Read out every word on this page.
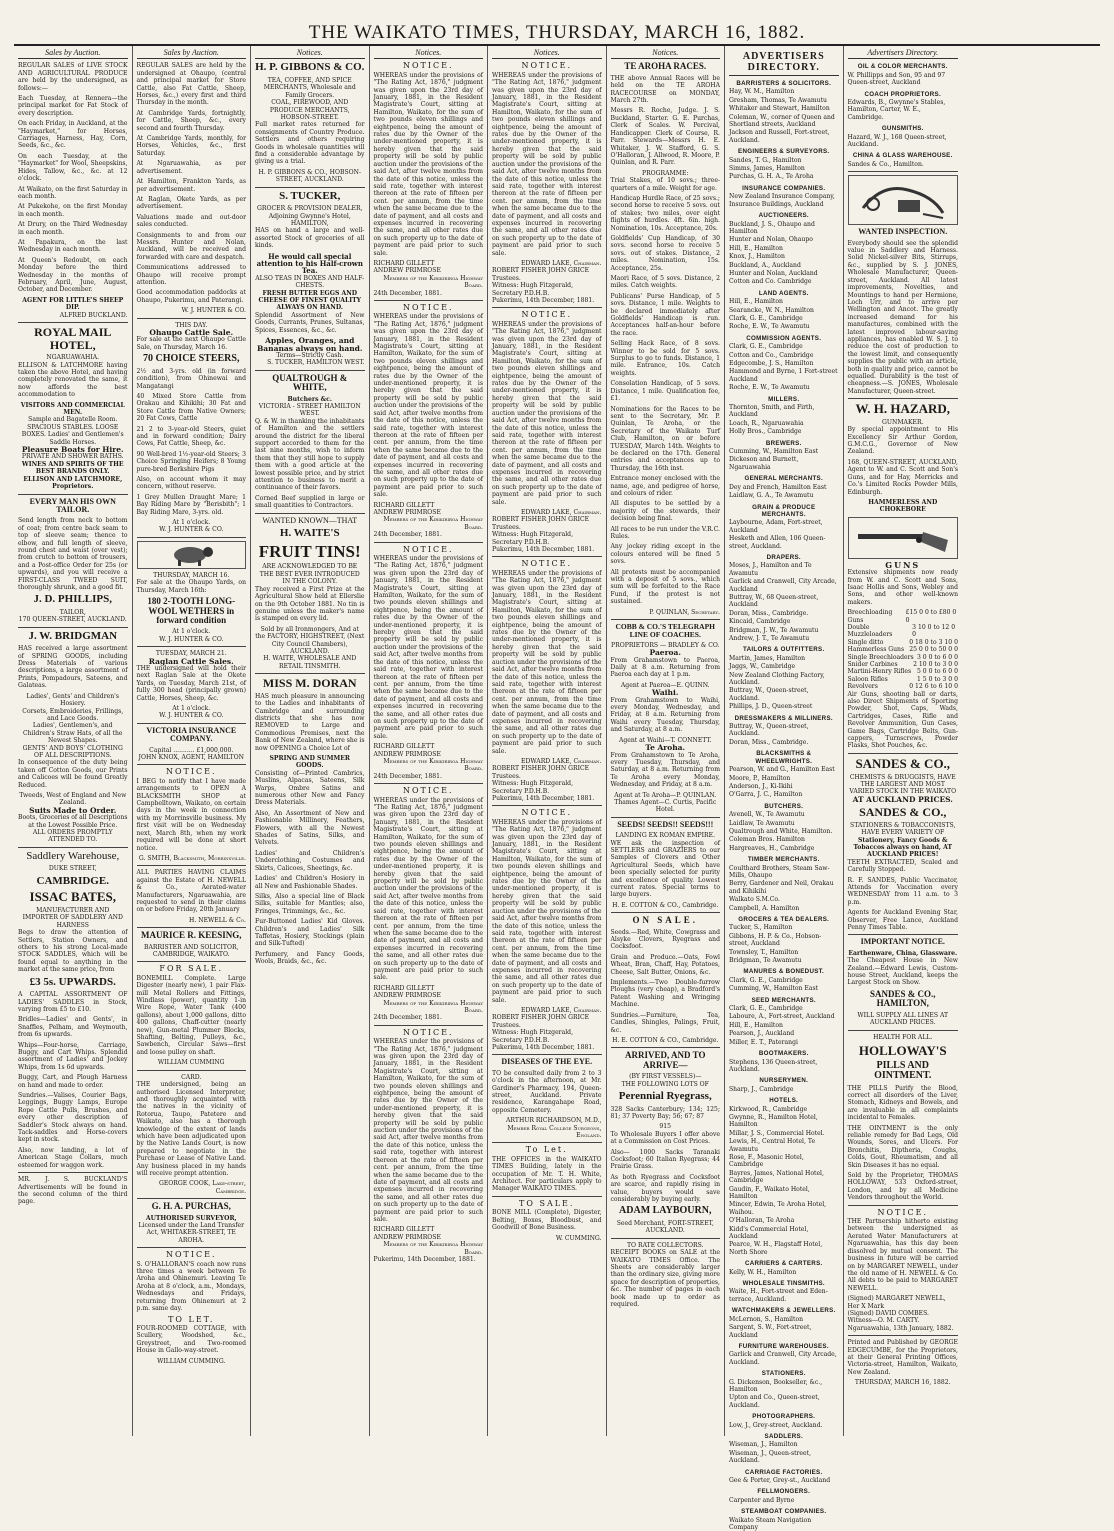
THE WAIKATO TIMES, THURSDAY, MARCH 16, 1882.
Sales by Auction.

REGULAR SALES of LIVE STOCK AND AGRICULTURAL PRODUCE are held by the undersigned, as follows:—

Each Tuesday, at Rennera—the principal market for Fat Stock of every description.

On each Friday, in Auckland, at the "Haymarket," for Horses, Carriages, Harness, Hay, Corn, Seeds, &c., &c.

On each Tuesday, at the "Haymarket" for Wool, Sheepskins, Hides, Tallow, &c., &c. at 12 o'clock.

At Waikato, on the first Saturday in each month.

At Pukekohe, on the first Monday in each month.

At Drury, on the Third Wednesday in each month.

At Papakura, on the last Wednesday in each month.

At Queen's Redoubt, on each Monday before the third Wednesday in the months of February, April, June, August, October, and December.

AGENT FOR LITTLE'S SHEEP DIP.
ALFRED BUCKLAND.
ROYAL MAIL HOTEL,
NGARUAWAHIA.

ELLISON & LATCHMORE having taken the above Hotel, and having completely renovated the same, it now affords the best accommodation to

VISITORS AND COMMERCIAL MEN.
Sample and Bagatelle Room.
SPACIOUS STABLES. LOOSE BOXES. Ladies' and Gentlemen's Saddle Horses.
Pleasure Boats for Hire.
PRIVATE AND SHOWER BATHS.
WINES AND SPIRITS OF THE BEST BRANDS ONLY.
ELLISON AND LATCHMORE, Proprietors.
EVERY MAN HIS OWN TAILOR.

Send length from neck to bottom of coat; from centre back seam to top of sleeve seam; thence to elbow, and full length of sleeve, round chest and waist (over vest); from crutch to bottom of trousers, and a Post-office Order for 25s (or upwards), and you will receive a FIRST-CLASS TWEED SUIT, thoroughly shrunk, and a good fit.

J. D. PHILLIPS,
TAILOR,
170 QUEEN-STREET, AUCKLAND.
J. W. BRIDGMAN

HAS received a large assortment of SPRING GOODS, including Dress Materials of various descriptions, a large assortment of Prints, Pompadours, Sateens, and Galateas.

Ladies', Gents' and Children's Hosiery.
Corsets, Embroideries, Frillings, and Lace Goods.
Ladies', Gentlemen's, and Children's Straw Hats, of all the Newest Shapes.
GENTS' AND BOYS' CLOTHING OF ALL DESCRIPTIONS.

In consequence of the duty being taken off Cotton Goods, our Prints and Calicoes will be found Greatly Reduced.

Tweeds, West of England and New Zealand.
Suits Made to Order.
Boots, Groceries of all Descriptions at the Lowest Possible Price.
ALL ORDERS PROMPTLY ATTENDED TO.
Saddlery Warehouse,
DUKE STREET,
CAMBRIDGE.
ISSAC BATES,
MANUFACTURER AND IMPORTER OF SADDLERY AND HARNESS

Begs to draw the attention of Settlers, Station Owners, and others to his strong Local-made STOCK SADDLES, which will be found equal to anything in the market at the same price, from

£3 5s. UPWARDS.

A CAPITAL ASSORTMENT OF LADIES' SADDLES in Stock, varying from £5 to £10.

Bridles—Ladies' and Gents', in Snaffles, Pelham, and Weymouth, from 6s upwards.

Whips—Four-horse, Carriage, Buggy, and Cart Whips. Splendid assortment of Ladies' and Jockey Whips, from 1s 6d upwards.

Buggy, Cart, and Plough Harness on hand and made to order.

Sundries.—Valises, Courier Bags, Leggings, Buggy Lamps, Europe Rope Cattle Pulls, Brushes, and every other description of Saddler's Stock always on hand. Tack-saddles and Horse-covers kept in stock.

Also, now landing, a lot of American Stage Collars, much esteemed for waggon work.

MR. J. S. BUCKLAND'S Advertisements will be found in the second column of the third page.

Sales by Auction.

REGULAR SALES are held by the undersigned at Ohaupo, (central and principal market for Store Cattle, also Fat Cattle, Sheep, Horses, &c.,) every first and third Thursday in the month.

At Cambridge Yards, fortnightly, for Cattle, Sheep, &c., every second and fourth Thursday.

At Cambridge Yards, monthly, for Horses, Vehicles, &c., first Saturday.

At Ngaruawahia, as per advertisement.

At Hamilton, Frankton Yards, as per advertisement.

At Raglan, Okete Yards, as per advertisement.

Valuations made and out-door sales conducted.

Consignments to and from our Messrs. Hunter and Nolan, Auckland, will be received and forwarded with care and despatch.

Communications addressed to Ohaupo will receive prompt attention.

Good accommodation paddocks at Ohaupo, Pukerimu, and Paterangi.

W. J. HUNTER & CO.
THIS DAY.
Ohaupo Cattle Sale.

For sale at the next Ohaupo Cattle Sale, on Thursday, March 16.

70 CHOICE STEERS,

2½ and 3-yrs. old (in forward condition), from Ohinewai and Mangatangi

40 Mixed Store Cattle from Orakau and Kihikihi; 30 Fat and Store Cattle from Native Owners; 20 Fat Cows, Cattle

21 2 to 3-year-old Steers, quiet and in forward condition; Dairy Cows, Fat Cattle, Sheep, &c.

90 Well-bred 1½-year-old Steers; 3 Choice Springing Heifers; 8 Young pure-bred Berkshire Pigs

Also, on account whom it may concern, without reserve.

1 Grey Mullen Draught Mare; 1 Bay Riding Mare by "Berisbith"; 1 Bay Riding Mare, 3-yrs. old.

At 1 o'clock.
W. J. HUNTER & CO.
THURSDAY, MARCH 16.

For sale at the Ohaupo Yards, on Thursday, March 16th:

180 2-TOOTH LONG-WOOL WETHERS in forward condition
At 1 o'clock.
W. J. HUNTER & CO.
TUESDAY, MARCH 21.
Raglan Cattle Sales.

THE undersigned will hold their next Raglan Sale at the Okete Yards, on Tuesday, March 21st, of fully 300 head (principally grown) Cattle, Horses, Sheep, &c.

At 1 o'clock.
W. J. HUNTER & CO.
VICTORIA INSURANCE COMPANY.
Capital ........... £1,000,000.
JOHN KNOX, AGENT, HAMILTON
NOTICE.

I BEG to notify that I have made arrangements to OPEN A BLACKSMITH SHOP at Campbelltown, Waikato, on certain days in the week in connection with my Morrinsville business. My first visit will be on Wednesday next, March 8th, when my work required will be done at short notice.

G. SMITH, Blacksmith, Morrinsville.

ALL PARTIES HAVING CLAIMS against the Estate of H. NEWELL & Co., Aerated-water Manufacturers, Ngaruawahia, are requested to send in their claims on or before Friday, 20th January

H. NEWELL & Co.
MAURICE R. KEESING,
BARRISTER AND SOLICITOR, CAMBRIDGE, WAIKATO.
FOR SALE.

BONEMILL Complete. Large Digester (nearly new), 1 pair Flax-mill Metal Rollers and Fittings, Windlass (power), quantity 1-in Wire Rope, Water Tank (400 gallons), about 1,000 gallons, ditto 400 gallons, Chaff-cutter (nearly new), Gun-metal Plummer Blocks, Shafting, Belting, Pulleys, &c., Sawbench, Circular Saws—first and loose pulley on shaft.

WILLIAM CUMMING
CARD.

THE undersigned, being an authorised Licensed Interpreter, and thoroughly acquainted with the natives in the vicinity of Rotorua, Taupo, Patetere and Waikato, also has a thorough knowledge of the extent of lands which have been adjudicated upon by the Native Lands Court, is now prepared to negotiate in the Purchase or Lease of Native Land. Any business placed in my hands will receive prompt attention.

GEORGE COOK, Lake-street, Cambridge.
G. H. A. PURCHAS,
AUTHORISED SURVEYOR,
Licensed under the Land Transfer Act, WHITAKER-STREET, TE AROHA.
NOTICE.

S. O'HALLORAN'S coach now runs three times a week between Te Aroha and Ohinemuri. Leaving Te Aroha at 8 o'clock, a.m., Mondays, Wednesdays and Fridays, returning from Ohinemuri at 2 p.m. same day.

TO LET.

FOUR-ROOMED COTTAGE, with Scullery, Woodshed, &c., Greystreet, and Two-roomed House in Gallo-way-street.

WILLIAM CUMMING.
Notices.
H. P. GIBBONS & CO.
TEA, COFFEE, AND SPICE MERCHANTS, Wholesale and Family Grocers.
COAL, FIREWOOD, AND PRODUCE MERCHANTS, HOBSON-STREET.

Full market rates returned for consignments of Country Produce. Settlers and others requiring Goods in wholesale quantities will find a considerable advantage by giving us a trial.

H. P. GIBBONS & CO., HOBSON-STREET, AUCKLAND.
S. TUCKER,
GROCER & PROVISION DEALER, Adjoining Gwynne's Hotel, HAMILTON,

HAS on hand a large and well-assorted Stock of groceries of all kinds.

He would call special attention to his Half-crown Tea.
ALSO TEAS IN BOXES AND HALF-CHESTS.
FRESH BUTTER EGGS AND CHEESE OF FINEST QUALITY ALWAYS ON HAND.

Splendid Assortment of New Goods, Currants, Prunes, Sultanas, Spices, Essences, &c., &c.

Apples, Oranges, and Bananas always on hand.
Terms—Strictly Cash.
S. TUCKER, HAMILTON WEST.
QUALTROUGH & WHITE,
Butchers &c.
VICTORIA - STREET HAMILTON WEST.

Q. & W. in thanking the inhabitants of Hamilton and the settlers around the district for the liberal support accorded to them for the last nine months, wish to inform them that they still hope to supply them with a good article at the lowest possible price, and by strict attention to business to merit a continuance of their favors.

Corned Beef supplied in large or small quantities to Contractors.

WANTED KNOWN—THAT
H. WAITE'S
FRUIT TINS!
ARE ACKNOWLEDGED TO BE THE BEST EVER INTRODUCED IN THE COLONY.

They received a First Prize at the Agricultural Show held at Ellerslie on the 9th October 1881. No tin is genuine unless the maker's name is stamped on every lid.

Sold by all Ironmongers, And at the FACTORY, HIGHSTREET, (Next City Council Chambers), AUCKLAND.
H. WAITE, WHOLESALE AND RETAIL TINSMITH.
MISS M. DORAN

HAS much pleasure in announcing to the Ladies and inhabitants of Cambridge and surrounding districts that she has now REMOVED to Large and Commodious Premises, next the Bank of New Zealand, where she is now OPENING a Choice Lot of

SPRING AND SUMMER GOODS.

Consisting of—Printed Cambrics, Muslins, Alpacas, Sateens, Silk Warps, Ombre Satins and numerous other New and Fancy Dress Materials.

Also, An Assortment of New and Fashionable Millinery, Feathers, Flowers, with all the Newest Shades of Satins, Silks, and Velvets.

Ladies' and Children's Underclothing, Costumes and Skirts, Calicoes, Sheetings, &c.

Ladies' and Children's Hosiery in all New and Fashionable Shades.

Silks, Also a special line of Black Silks, suitable for Mantles; also, Fringes, Trimmings, &c., &c.

Fur-Buttoned Ladies' Kid Gloves. Children's and Ladies' Silk Taffetas, Hosiery, Stockings (plain and Silk-Tufted)

Perfumery, and Fancy Goods, Wools, Braids, &c., &c.

Notices.
NOTICE.

WHEREAS under the provisions of "The Rating Act, 1876," judgment was given upon the 23rd day of January, 1881, in the Resident Magistrate's Court, sitting at Hamilton, Waikato, for the sum of two pounds eleven shillings and eightpence, being the amount of rates due by the Owner of the under-mentioned property, it is hereby given that the said property will be sold by public auction under the provisions of the said Act, after twelve months from the date of this notice, unless the said rate, together with interest thereon at the rate of fifteen per cent. per annum, from the time when the same became due to the date of payment, and all costs and expenses incurred in recovering the same, and all other rates due on such property up to the date of payment are paid prior to such sale.

RICHARD GILLETT
ANDREW PRIMROSE
Members of the Kirikiriroa Highway Board.
24th December, 1881.
NOTICE.

WHEREAS under the provisions of "The Rating Act, 1876," judgment was given upon the 23rd day of January, 1881, in the Resident Magistrate's Court, sitting at Hamilton, Waikato, for the sum of two pounds eleven shillings and eightpence, being the amount of rates due by the Owner of the under-mentioned property, it is hereby given that the said property will be sold by public auction under the provisions of the said Act, after twelve months from the date of this notice, unless the said rate, together with interest thereon at the rate of fifteen per cent. per annum, from the time when the same became due to the date of payment, and all costs and expenses incurred in recovering the same, and all other rates due on such property up to the date of payment are paid prior to such sale.

RICHARD GILLETT
ANDREW PRIMROSE
Members of the Kirikiriroa Highway Board.
24th December, 1881.
NOTICE.

WHEREAS under the provisions of "The Rating Act, 1876," judgment was given upon the 23rd day of January, 1881, in the Resident Magistrate's Court, sitting at Hamilton, Waikato, for the sum of two pounds eleven shillings and eightpence, being the amount of rates due by the Owner of the under-mentioned property, it is hereby given that the said property will be sold by public auction under the provisions of the said Act, after twelve months from the date of this notice, unless the said rate, together with interest thereon at the rate of fifteen per cent. per annum, from the time when the same became due to the date of payment, and all costs and expenses incurred in recovering the same, and all other rates due on such property up to the date of payment are paid prior to such sale.

RICHARD GILLETT
ANDREW PRIMROSE
Members of the Kirikiriroa Highway Board.
24th December, 1881.
NOTICE.

WHEREAS under the provisions of "The Rating Act, 1876," judgment was given upon the 23rd day of January, 1881, in the Resident Magistrate's Court, sitting at Hamilton, Waikato, for the sum of two pounds eleven shillings and eightpence, being the amount of rates due by the Owner of the under-mentioned property, it is hereby given that the said property will be sold by public auction under the provisions of the said Act, after twelve months from the date of this notice, unless the said rate, together with interest thereon at the rate of fifteen per cent. per annum, from the time when the same became due to the date of payment, and all costs and expenses incurred in recovering the same, and all other rates due on such property up to the date of payment are paid prior to such sale.

RICHARD GILLETT
ANDREW PRIMROSE
Members of the Kirikiriroa Highway Board.
24th December, 1881.
NOTICE.

WHEREAS under the provisions of "The Rating Act, 1876," judgment was given upon the 23rd day of January, 1881, in the Resident Magistrate's Court, sitting at Hamilton, Waikato, for the sum of two pounds eleven shillings and eightpence, being the amount of rates due by the Owner of the under-mentioned property, it is hereby given that the said property will be sold by public auction under the provisions of the said Act, after twelve months from the date of this notice, unless the said rate, together with interest thereon at the rate of fifteen per cent. per annum, from the time when the same became due to the date of payment, and all costs and expenses incurred in recovering the same, and all other rates due on such property up to the date of payment are paid prior to such sale.

RICHARD GILLETT
ANDREW PRIMROSE
Members of the Kirikiriroa Highway Board.
Pukerimu, 14th December, 1881.
Notices.
NOTICE.

WHEREAS under the provisions of "The Rating Act, 1876," judgment was given upon the 23rd day of January, 1881, in the Resident Magistrate's Court, sitting at Hamilton, Waikato, for the sum of two pounds eleven shillings and eightpence, being the amount of rates due by the Owner of the under-mentioned property, it is hereby given that the said property will be sold by public auction under the provisions of the said Act, after twelve months from the date of this notice, unless the said rate, together with interest thereon at the rate of fifteen per cent. per annum, from the time when the same became due to the date of payment, and all costs and expenses incurred in recovering the same, and all other rates due on such property up to the date of payment are paid prior to such sale.

EDWARD LAKE, Chairman.
ROBERT FISHER JOHN GRICE Trustees.
Witness: Hugh Fitzgerald, Secretary P.D.H.B.
Pukerimu, 14th December, 1881.
NOTICE.

WHEREAS under the provisions of "The Rating Act, 1876," judgment was given upon the 23rd day of January, 1881, in the Resident Magistrate's Court, sitting at Hamilton, Waikato, for the sum of two pounds eleven shillings and eightpence, being the amount of rates due by the Owner of the under-mentioned property, it is hereby given that the said property will be sold by public auction under the provisions of the said Act, after twelve months from the date of this notice, unless the said rate, together with interest thereon at the rate of fifteen per cent. per annum, from the time when the same became due to the date of payment, and all costs and expenses incurred in recovering the same, and all other rates due on such property up to the date of payment are paid prior to such sale.

EDWARD LAKE, Chairman.
ROBERT FISHER JOHN GRICE Trustees.
Witness: Hugh Fitzgerald, Secretary P.D.H.B.
Pukerimu, 14th December, 1881.
NOTICE.

WHEREAS under the provisions of "The Rating Act, 1876," judgment was given upon the 23rd day of January, 1881, in the Resident Magistrate's Court, sitting at Hamilton, Waikato, for the sum of two pounds eleven shillings and eightpence, being the amount of rates due by the Owner of the under-mentioned property, it is hereby given that the said property will be sold by public auction under the provisions of the said Act, after twelve months from the date of this notice, unless the said rate, together with interest thereon at the rate of fifteen per cent. per annum, from the time when the same became due to the date of payment, and all costs and expenses incurred in recovering the same, and all other rates due on such property up to the date of payment are paid prior to such sale.

EDWARD LAKE, Chairman.
ROBERT FISHER JOHN GRICE Trustees.
Witness: Hugh Fitzgerald, Secretary P.D.H.B.
Pukerimu, 14th December, 1881.
NOTICE.

WHEREAS under the provisions of "The Rating Act, 1876," judgment was given upon the 23rd day of January, 1881, in the Resident Magistrate's Court, sitting at Hamilton, Waikato, for the sum of two pounds eleven shillings and eightpence, being the amount of rates due by the Owner of the under-mentioned property, it is hereby given that the said property will be sold by public auction under the provisions of the said Act, after twelve months from the date of this notice, unless the said rate, together with interest thereon at the rate of fifteen per cent. per annum, from the time when the same became due to the date of payment, and all costs and expenses incurred in recovering the same, and all other rates due on such property up to the date of payment are paid prior to such sale.

EDWARD LAKE, Chairman.
ROBERT FISHER JOHN GRICE Trustees.
Witness: Hugh Fitzgerald, Secretary P.D.H.B.
Pukerimu, 14th December, 1881.
DISEASES OF THE EYE.

TO be consulted daily from 2 to 3 o'clock in the afternoon, at Mr. Gardiner's Pharmacy, 194, Queen-street, Auckland. Private residence, Karangahape Road, opposite Cemetery.

ARTHUR RICHARDSON, M.D., Member Royal College Surgeons, England.
To Let.

THE OFFICES in the WAIKATO TIMES Building, lately in the occupation of Mr. T. H. White, Architect. For particulars apply to Manager WAIKATO TIMES.

TO SALE.

BONE MILL (Complete), Digester, Belting, Boxes, Bloodbust, and Goodwill of Bone Business.

W. CUMMING.
Notices.
TE AROHA RACES.

THE above Annual Races will be held on the TE AROHA RACECOURSE on MONDAY, March 27th.

Messrs R. Roche, Judge. J. S. Buckland, Starter. G. E. Purchas, Clerk of Scales. W. Percival, Handicapper. Clerk of Course, R. Parr. Stewards—Messrs H. E. Whitaker, J. W. Stafford, G. S. O'Halloran, J. Allwood, R. Moore, P. Quinlan, and R. Parr.

PROGRAMME:

Trial Stakes, of 10 sovs.; three-quarters of a mile. Weight for age.

Handicap Hurdle Race, of 25 sovs.; second horse to receive 5 sovs. out of stakes; two miles, over eight flights of hurdles. 4ft. 6in. high. Nomination, 10s. Acceptance, 20s.

Goldfields' Cup Handicap, of 30 sovs. second horse to receive 5 sovs. out of stakes. Distance, 2 miles. Nomination, 15s. Acceptance, 25s.

Maori Race, of 5 sovs. Distance, 2 miles. Catch weights.

Publicans' Purse Handicap, of 5 sovs. Distance, 1 mile. Weights to be declared immediately after Goldfields' Handicap is run. Acceptances half-an-hour before the race.

Selling Hack Race, of 8 sovs. Winner to be sold for 5 sovs. Surplus to go to funds. Distance, 1 mile. Entrance, 10s. Catch weights.

Consolation Handicap, of 5 sovs. Distance, 1 mile. Qualification fee, £1.

Nominations for the Races to be sent to the Secretary, Mr. P. Quinlan, Te Aroha, or the Secretary of the Waikato Turf Club, Hamilton, on or before TUESDAY, March 14th. Weights to be declared on the 17th. General entries and acceptances up to Thursday, the 16th inst.

Entrance money enclosed with the name, age, and pedigree of horse, and colours of rider.

All disputes to be settled by a majority of the stewards, their decision being final.

All races to be run under the V.R.C. Rules.

Any jockey riding except in the colours entered will be fined 5 sovs.

All protests must be accompanied with a deposit of 5 sovs., which sum will be forfeited to the Race Fund, if the protest is not sustained.

P. QUINLAN, Secretary.
COBB & CO.'S TELEGRAPH LINE OF COACHES.
PROPRIETORS — BRADLEY & CO.
Paeroa.

From Grahamstown to Paeroa, Daily at 8 a.m. Returning from Paeroa each day at 1 p.m.

Agent at Paeroa—E. QUINN.
Waihi.

From Grahamstown to Waihi, every Monday, Wednesday, and Friday, at 8 a.m. Returning from Waihi every Tuesday, Thursday, and Saturday, at 8 a.m.

Agent at Waihi—T. CONNETT.
Te Aroha.

From Grahamstown to Te Aroha, every Tuesday, Thursday, and Saturday, at 8 a.m. Returning from Te Aroha every Monday, Wednesday, and Friday, at 8 a.m.

Agent at Te Aroha—P. QUINLAN.
Thames Agent—C. Curtis, Pacific Hotel.
SEEDS! SEEDS!! SEEDS!!!
LANDING EX ROMAN EMPIRE.

WE ask the inspection of SETTLERS and GRAZIERS to our Samples of Clovers and Other Agricultural Seeds, which have been specially selected for purity and excellence of quality. Lowest current rates. Special terms to large buyers.

H. E. COTTON & CO., Cambridge.
ON SALE.

Seeds.—Red, White, Cowgrass and Alsyke Clovers, Ryegrass and Cocksfoot.

Grain and Produce.—Oats, Fowl Wheat, Bran, Chaff, Hay, Potatoes, Cheese, Salt Butter, Onions, &c.

Implements.—Two Double-furrow Ploughs (very cheap), a Bradford's Patent Washing and Wringing Machine.

Sundries.—Furniture, Tea, Candles, Shingles, Palings, Fruit, &c.

H. E. COTTON & CO., Cambridge.
ARRIVED, AND TO ARRIVE—
(BY FIRST VESSELS)—
THE FOLLOWING LOTS OF
Perennial Ryegrass,

328 Sacks Canterbury; 134; 125; 81; 37 Poverty Bay; 56; 67; 87

915

To Wholesale Buyers I offer above at a Commission on Cost Prices.

Also— 1000 Sacks Taranaki Cocksfoot; 60 Italian Ryegrass; 44 Prairie Grass.

As both Ryegrass and Cocksfoot are scarce, and rapidly rising in value, buyers would save considerably by buying early.

ADAM LAYBOURN,
Seed Merchant, FORT-STREET, AUCKLAND.
TO RATE COLLECTORS.

RECEIPT BOOKS on SALE at the WAIKATO TIMES Office. The Sheets are considerably larger than the ordinary size, giving more space for description of properties, &c. The number of pages in each book made up to order as required.

ADVERTISERS DIRECTORY.
BARRISTERS & SOLICITORS.
Hay, W. M., Hamilton
Gresham, Thomas, Te Awamutu
Whitaker and Stewart, Hamilton
Coleman, W., corner of Queen and Shortland streets, Auckland
Jackson and Russell, Fort-street, Auckland.
ENGINEERS & SURVEYORS.
Sandes, T. G., Hamilton
Simms, James, Hamilton
Purchas, G. H. A., Te Aroha
INSURANCE COMPANIES.
New Zealand Insurance Company, Insurance Buildings, Auckland
AUCTIONEERS.
Buckland, J. S., Ohaupo and Hamilton
Hunter and Nolan, Ohaupo
Hill, E., Hamilton
Knox, J., Hamilton
Buckland, A., Auckland
Hunter and Nolan, Auckland
Cotton and Co. Cambridge
LAND AGENTS.
Hill, E., Hamilton
Searancke, W. N., Hamilton
Clark, G. E., Cambridge
Roche, E. W., Te Awamutu
COMMISSION AGENTS.
Clark, G. E., Cambridge
Cotton and Co., Cambridge
Edgecombe, J. S., Hamilton
Hammond and Byrne, 1 Fort-street Auckland
Roche, E. W., Te Awamutu
MILLERS.
Thornton, Smith, and Firth, Auckland
Loach, R., Ngaruawahia
Holly Bros., Cambridge
BREWERS.
Cumming, W., Hamilton East
Dickeson and Burnett, Ngaruawahia
GENERAL MERCHANTS.
Dey and French, Hamilton East
Laidlaw, G. A., Te Awamutu
GRAIN & PRODUCE MERCHANTS.
Laybourne, Adam, Fort-street, Auckland
Hesketh and Allen, 106 Queen-street, Auckland.
DRAPERS.
Moses, J., Hamilton and Te Awamutu
Garlick and Cranwell, City Arcade, Auckland
Buttray, W., 68 Queen-street, Auckland
Doran, Miss., Cambridge.
Kincaid, Cambridge
Bridgman, J. W., Te Awamutu
Andrew, J. T., Te Awamutu
TAILORS & OUTFITTERS.
Martin, James, Hamilton
Jaggs, W., Cambridge
New Zealand Clothing Factory, Auckland.
Buttray, W., Queen-street, Auckland.
Phillips, J. D., Queen-street
DRESSMAKERS & MILLINERS.
Buttray, W., Queen-street, Auckland.
Doran, Miss., Cambridge.
BLACKSMITHS & WHEELWRIGHTS.
Pearson, W. and G., Hamilton East
Moore, P., Hamilton
Anderson, J., Ki-Ikihi
O'Garra, J. C., Hamilton
BUTCHERS.
Avenell, W., Te Awamutu
Laidlaw, Te Awamutu
Qualtrough and White, Hamilton.
Coleman Bros. Hamilton
Hargreaves, H., Cambridge
TIMBER MERCHANTS.
Coulthard Brothers, Steam Saw-Mills, Ohaupo
Berry, Gardener and Neil, Orakau and Kihikihi
Walkato S.M.Co.
Campbell, A. Hamilton
GROCERS & TEA DEALERS.
Tucker, S., Hamilton
Gibbons, H. P. & Co., Hobson-street, Auckland
Townsley, T., Hamilton
Bridgman, Te Awamutu
MANURES & BONEDUST.
Clark, G. E., Cambridge
Cumming, W., Hamilton East
SEED MERCHANTS.
Clark, G. E., Cambridge
Laboure, A., Fort-street, Auckland
Hill, E., Hamilton
Pearson, J., Auckland
Miller, E. T., Paterangi
BOOTMAKERS.
Stephens, 136 Queen-street, Auckland.
NURSERYMEN.
Sharp, J., Cambridge
HOTELS.
Kirkwood, R., Cambridge
Gwynne, R., Hamilton Hotel, Hamilton
Millar, J. S., Commercial Hotel.
Lewis, H., Central Hotel, Te Awamutu
Rose, F., Masonic Hotel, Cambridge
Bayres, James, National Hotel, Cambridge
Gaudin, F., Waikato Hotel, Hamilton
Mincer, Edwin, Te Aroha Hotel, Waihou.
O'Halloran, Te Aroha
Kidd's Commercial Hotel, Auckland
Pearce, W. H., Flagstaff Hotel, North Shore
CARRIERS & CARTERS.
Kelly, W. H., Hamilton
WHOLESALE TINSMITHS.
Waite, H., Fort-street and Eden-terrace, Auckland.
WATCHMAKERS & JEWELLERS.
McLernon, S., Hamilton
Sargent, S. W., Fort-street, Auckland
FURNITURE WAREHOUSES.
Garlick and Cranwell, City Arcade, Auckland.
STATIONERS.
G. Dickenson, Bookseller, &c., Hamilton
Upton and Co., Queen-street, Auckland.
PHOTOGRAPHERS.
Low, J., Grey-street, Auckland.
SADDLERS.
Wiseman, J., Hamilton
Wiseman, J., Queen-street, Auckland.
CARRIAGE FACTORIES.
Gee & Porter, Grey-st., Auckland
FELLMONGERS.
Carpenter and Byrne
STEAMBOAT COMPANIES.
Waikato Steam Navigation Company
Advertisers Directory.
OIL & COLOR MERCHANTS.
W. Phillipps and Son, 95 and 97 Queen-street, Auckland
COACH PROPRIETORS.
Edwards, B., Gwynne's Stables, Hamilton, Carter, W. E., Cambridge.
GUNSMITHS.
Hazard, W. J., 168 Queen-street, Auckland.
CHINA & GLASS WAREHOUSE.
Sandes & Co., Hamilton.
WANTED INSPECTION.

Everybody should see the splendid value in Saddlery and Harness. Solid Nickel-silver Bits, Stirrups, &c., supplied by S. J. JONES, Wholesale Manufacturer, Queen-street, Auckland. All latest improvements, Novelties, and Mountings to hand per Hermione, Loch Urr, and to arrive per Wellington and Ancot. The greatly increased demand for his manufactures, combined with the latest improved labour-saving appliances, has enabled W. S. J. to reduce the cost of production to the lowest limit, and consequently supplies the public with an article, both in quality and price, cannot be equalled. Durability is the test of cheapness.—S. JONES, Wholesale Manufacturer, Queen-street.

W. H. HAZARD,
GUNMAKER.

By special appointment to His Excellency Sir Arthur Gordon, G.M.C.G., Governor of New Zealand.

168, QUEEN-STREET, AUCKLAND, Agent to W. and C. Scott and Son's Guns, and for Hay, Merricks and Co.'s Limited Rocks Powder Mills, Edinburgh.

HAMMERLESS AND CHOKEBORE
GUNS

Extensive shipments now ready from W. and C. Scott and Sons, Isaac Hollis and Sons, Webley and Sons, and other well-known makers.

Breechloading Guns
£15 0 0 to £80 0 0
Double Muzzleloaders
3 10 0 to 12 0 0
Single ditto	0 18 0 to 3 10 0
Hammerless Guns 25 0 0 to 50 0 0
Single Breechloaders 3 0 0 to 6 0 0
Snider Carbines	2 10 0 to 3 0 0
Martini-Henry Rifles 5 0 0 to 6 0 0
Saloon Rifles	1 5 0 to 3 0 0
Revolvers	0 12 6 to 6 10 0

Air Guns, shooting ball or darts, also Direct Shipments of Sporting Powder, Shot, Caps, Wads, Cartridges, Cases, Rifle and Revolver Ammunition, Gun Cases, Game Bags, Cartridge Belts, Gun-cappers, Turnscrews, Powder Flasks, Shot Pouches, &c.

SANDES & CO.,
CHEMISTS & DRUGGISTS, HAVE THE LARGEST AND MOST VARIED STOCK IN THE WAIKATO
AT AUCKLAND PRICES.
SANDES & CO.,
STATIONERS & TOBACCONISTS, HAVE EVERY VARIETY OF
Stationery, Fancy Goods & Tobaccos always on hand, AT AUCKLAND PRICES!

TEETH EXTRACTED, Scaled and Carefully Stopped.

R. F. SANDES, Public Vaccinator, Attends for Vaccination every WEDNESDAY from 11 a.m. to 3 p.m.

Agents for Auckland Evening Star, Observer, Free Lance, Auckland Penny Times Table.

IMPORTANT NOTICE.
Earthenware, China, Glassware.

The Cheapest House in New Zealand.—Edward Lewis, Custom-house Street, Auckland, keeps the Largest Stock on Show.

SANDES & CO., HAMILTON,
WILL SUPPLY ALL LINES AT AUCKLAND PRICES.
HEALTH FOR ALL.
HOLLOWAY'S
PILLS AND OINTMENT.

THE PILLS Purify the Blood, correct all disorders of the Liver, Stomach, Kidneys and Bowels, and are invaluable in all complaints incidental to Females.

THE OINTMENT is the only reliable remedy for Bad Legs, Old Wounds, Sores, and Ulcers. For Bronchitis, Diptheria, Coughs, Colds, Gout, Rheumatism, and all Skin Diseases it has no equal.

Sold by the Proprietor, THOMAS HOLLOWAY, 533 Oxford-street, London, and by all Medicine Vendors throughout the World.

NOTICE.

THE Partnership hitherto existing between the undersigned as Aerated Water Manufacturers at Ngaruawahia, has this day been dissolved by mutual consent. The business in future will be carried on by MARGARET NEWELL, under the old name of H. NEWELL & Co. All debts to be paid to MARGARET NEWELL.

(Signed) MARGARET NEWELL, Her X Mark
(Signed) DAVID COMBES.
Witness—O. M. CARTY.
Ngaruawahia, 13th January, 1882.

Printed and Published by GEORGE EDGECUMBE, for the Proprietors, at their General Printing Offices, Victoria-street, Hamilton, Waikato, New Zealand.

THURSDAY, MARCH 16, 1882.
